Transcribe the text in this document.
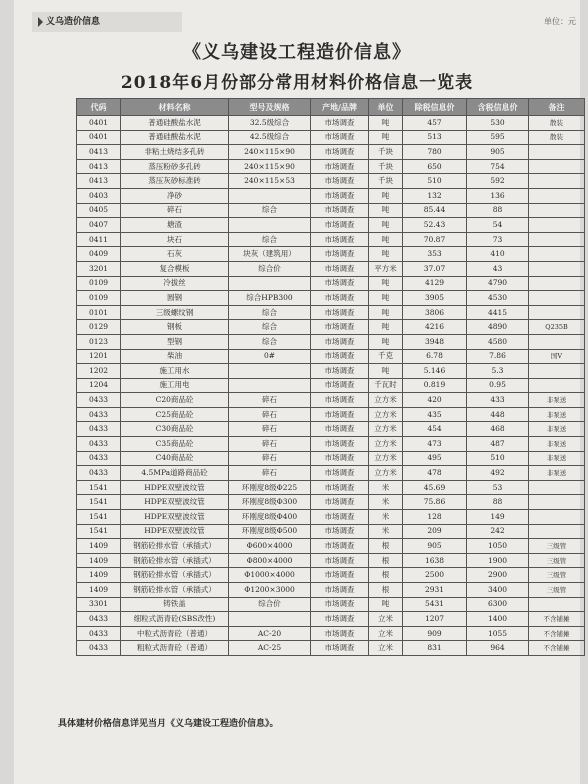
义乌造价信息	单位：元
《义乌建设工程造价信息》
2018年6月份部分常用材料价格信息一览表
代码	材料名称	型号及规格	产地/品牌	单位	除税信息价	含税信息价	备注
0401	普通硅酸盐水泥	32.5级综合	市场调查	吨	457	530	散装
0401	普通硅酸盐水泥	42.5级综合	市场调查	吨	513	595	散装
0413	非粘土烧结多孔砖	240×115×90	市场调查	千块	780	905	
0413	蒸压粉砂多孔砖	240×115×90	市场调查	千块	650	754	
0413	蒸压灰砂标准砖	240×115×53	市场调查	千块	510	592	
0403	净砂		市场调查	吨	132	136	
0405	碎石	综合	市场调查	吨	85.44	88	
0407	塘渣		市场调查	吨	52.43	54	
0411	块石	综合	市场调查	吨	70.87	73	
0409	石灰	块灰（建筑用）	市场调查	吨	353	410	
3201	复合模板	综合价	市场调查	平方米	37.07	43	
0109	冷拔丝		市场调查	吨	4129	4790	
0109	圆钢	综合HPB300	市场调查	吨	3905	4530	
0101	三级螺纹钢	综合	市场调查	吨	3806	4415	
0129	钢板	综合	市场调查	吨	4216	4890	Q235B
0123	型钢	综合	市场调查	吨	3948	4580	
1201	柴油	0#	市场调查	千克	6.78	7.86	国V
1202	施工用水		市场调查	吨	5.146	5.3	
1204	施工用电		市场调查	千瓦时	0.819	0.95	
0433	C20商品砼	碎石	市场调查	立方米	420	433	非泵送
0433	C25商品砼	碎石	市场调查	立方米	435	448	非泵送
0433	C30商品砼	碎石	市场调查	立方米	454	468	非泵送
0433	C35商品砼	碎石	市场调查	立方米	473	487	非泵送
0433	C40商品砼	碎石	市场调查	立方米	495	510	非泵送
0433	4.5MPa道路商品砼	碎石	市场调查	立方米	478	492	非泵送
1541	HDPE双壁波纹管	环刚度8级Φ225	市场调查	米	45.69	53	
1541	HDPE双壁波纹管	环刚度8级Φ300	市场调查	米	75.86	88	
1541	HDPE双壁波纹管	环刚度8级Φ400	市场调查	米	128	149	
1541	HDPE双壁波纹管	环刚度8级Φ500	市场调查	米	209	242	
1409	钢筋砼排水管（承插式）	Φ600×4000	市场调查	根	905	1050	三级管
1409	钢筋砼排水管（承插式）	Φ800×4000	市场调查	根	1638	1900	三级管
1409	钢筋砼排水管（承插式）	Φ1000×4000	市场调查	根	2500	2900	三级管
1409	钢筋砼排水管（承插式）	Φ1200×3000	市场调查	根	2931	3400	三级管
3301	铸铁盖	综合价	市场调查	吨	5431	6300	
0433	细粒式沥青砼(SBS改性)		市场调查	立米	1207	1400	不含铺摊
0433	中粒式沥青砼（普通）	AC-20	市场调查	立米	909	1055	不含铺摊
0433	粗粒式沥青砼（普通）	AC-25	市场调查	立米	831	964	不含铺摊
具体建材价格信息详见当月《义乌建设工程造价信息》。
